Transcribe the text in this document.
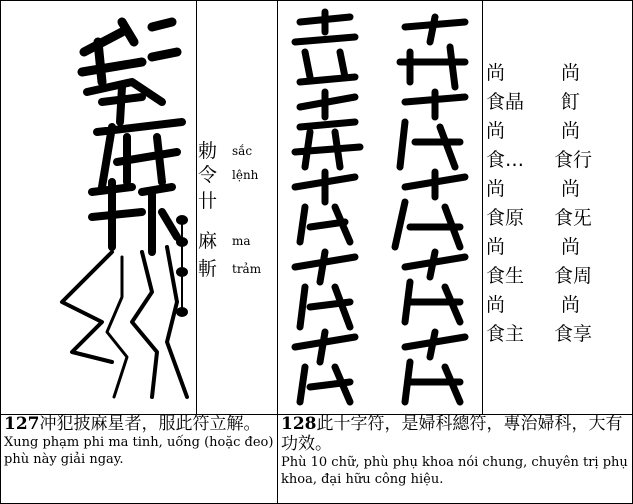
勅 sắc
令 lệnh
卄
麻 ma
斬 trảm
尚	尚
食晶 飣
尚	尚
食… 食行
尚	尚
食原 食旡
尚	尚
食生 食周
尚	尚
食主 食享
127冲犯披麻星者，服此符立解。
Xung phạm phi ma tinh, uống (hoặc đeo) phù này giải ngay.
128此十字符，是婦科總符，專治婦科，大有功效。
Phù 10 chữ, phù phụ khoa nói chung, chuyên trị phụ khoa, đại hữu công hiệu.
